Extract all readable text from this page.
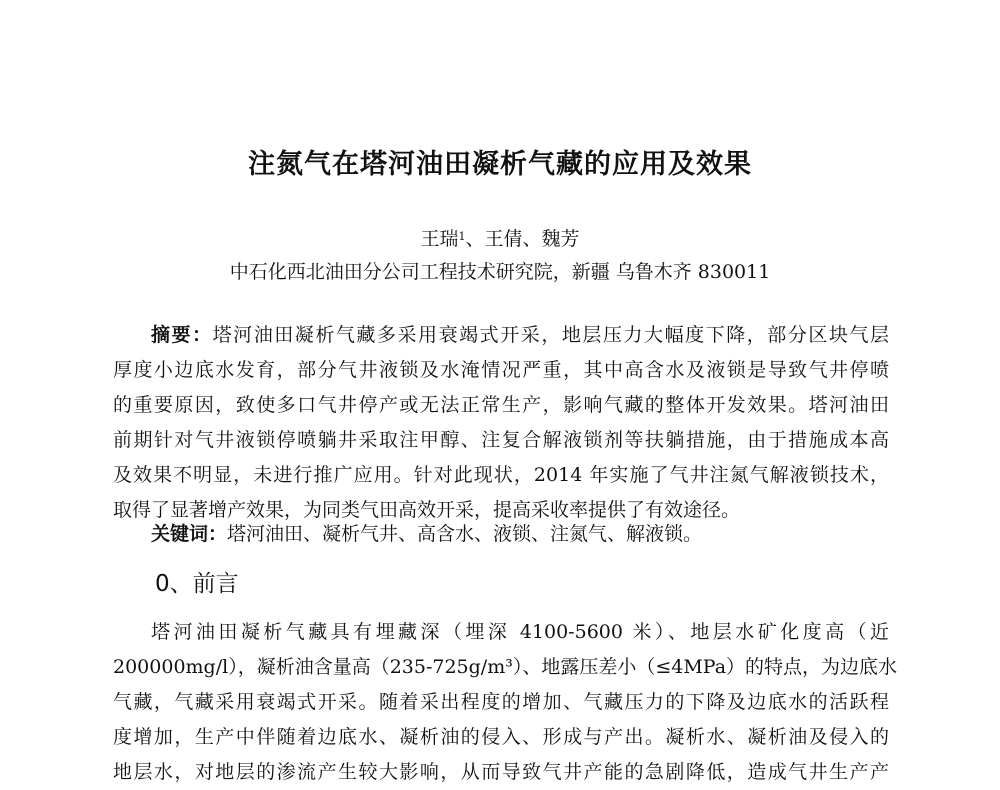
注氮气在塔河油田凝析气藏的应用及效果
王瑞$^1$、王倩、魏芳
中石化西北油田分公司工程技术研究院，新疆 乌鲁木齐 830011
摘要：塔河油田凝析气藏多采用衰竭式开采，地层压力大幅度下降，部分区块气层
厚度小边底水发育，部分气井液锁及水淹情况严重，其中高含水及液锁是导致气井停喷
的重要原因，致使多口气井停产或无法正常生产，影响气藏的整体开发效果。塔河油田
前期针对气井液锁停喷躺井采取注甲醇、注复合解液锁剂等扶躺措施，由于措施成本高
及效果不明显，未进行推广应用。针对此现状，2014 年实施了气井注氮气解液锁技术，
取得了显著增产效果，为同类气田高效开采，提高采收率提供了有效途径。
关键词：塔河油田、凝析气井、高含水、液锁、注氮气、解液锁。
0、前言
塔河油田凝析气藏具有埋藏深（埋深 4100-5600 米）、地层水矿化度高（近
200000mg/l），凝析油含量高（235-725g/m³）、地露压差小（≤4MPa）的特点，为边底水
气藏，气藏采用衰竭式开采。随着采出程度的增加、气藏压力的下降及边底水的活跃程
度增加，生产中伴随着边底水、凝析油的侵入、形成与产出。凝析水、凝析油及侵入的
地层水，对地层的渗流产生较大影响，从而导致气井产能的急剧降低，造成气井生产产
